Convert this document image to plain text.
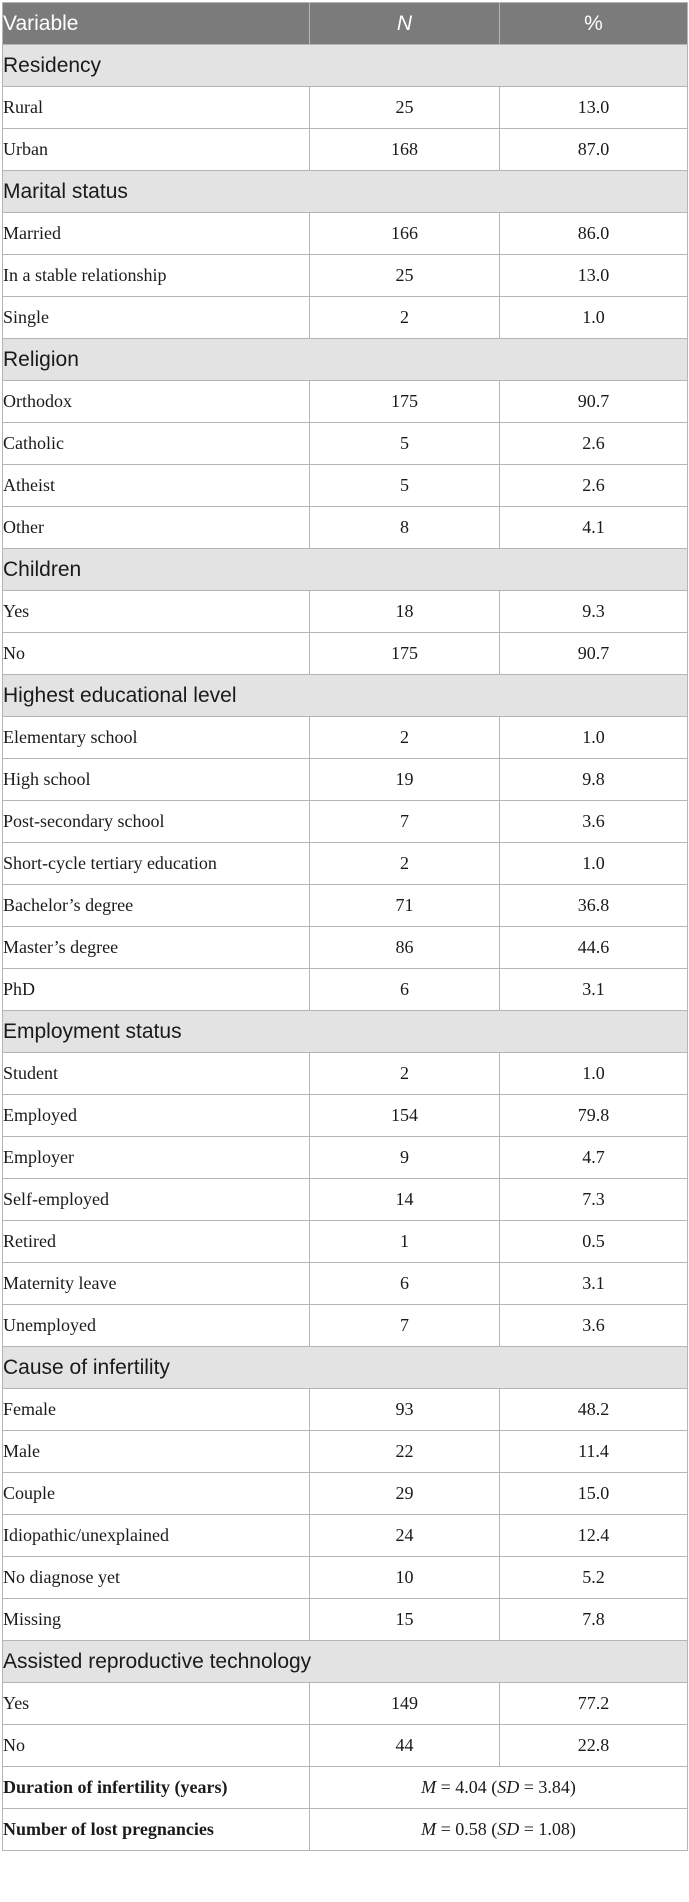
Variable	N	%
Residency		
Rural	25	13.0
Urban	168	87.0
Marital status		
Married	166	86.0
In a stable relationship	25	13.0
Single	2	1.0
Religion		
Orthodox	175	90.7
Catholic	5	2.6
Atheist	5	2.6
Other	8	4.1
Children		
Yes	18	9.3
No	175	90.7
Highest educational level		
Elementary school	2	1.0
High school	19	9.8
Post-secondary school	7	3.6
Short-cycle tertiary education	2	1.0
Bachelor’s degree	71	36.8
Master’s degree	86	44.6
PhD	6	3.1
Employment status		
Student	2	1.0
Employed	154	79.8
Employer	9	4.7
Self-employed	14	7.3
Retired	1	0.5
Maternity leave	6	3.1
Unemployed	7	3.6
Cause of infertility		
Female	93	48.2
Male	22	11.4
Couple	29	15.0
Idiopathic/unexplained	24	12.4
No diagnose yet	10	5.2
Missing	15	7.8
Assisted reproductive technology		
Yes	149	77.2
No	44	22.8
Duration of infertility (years)	M = 4.04 (SD = 3.84)	
Number of lost pregnancies	M = 0.58 (SD = 1.08)	
